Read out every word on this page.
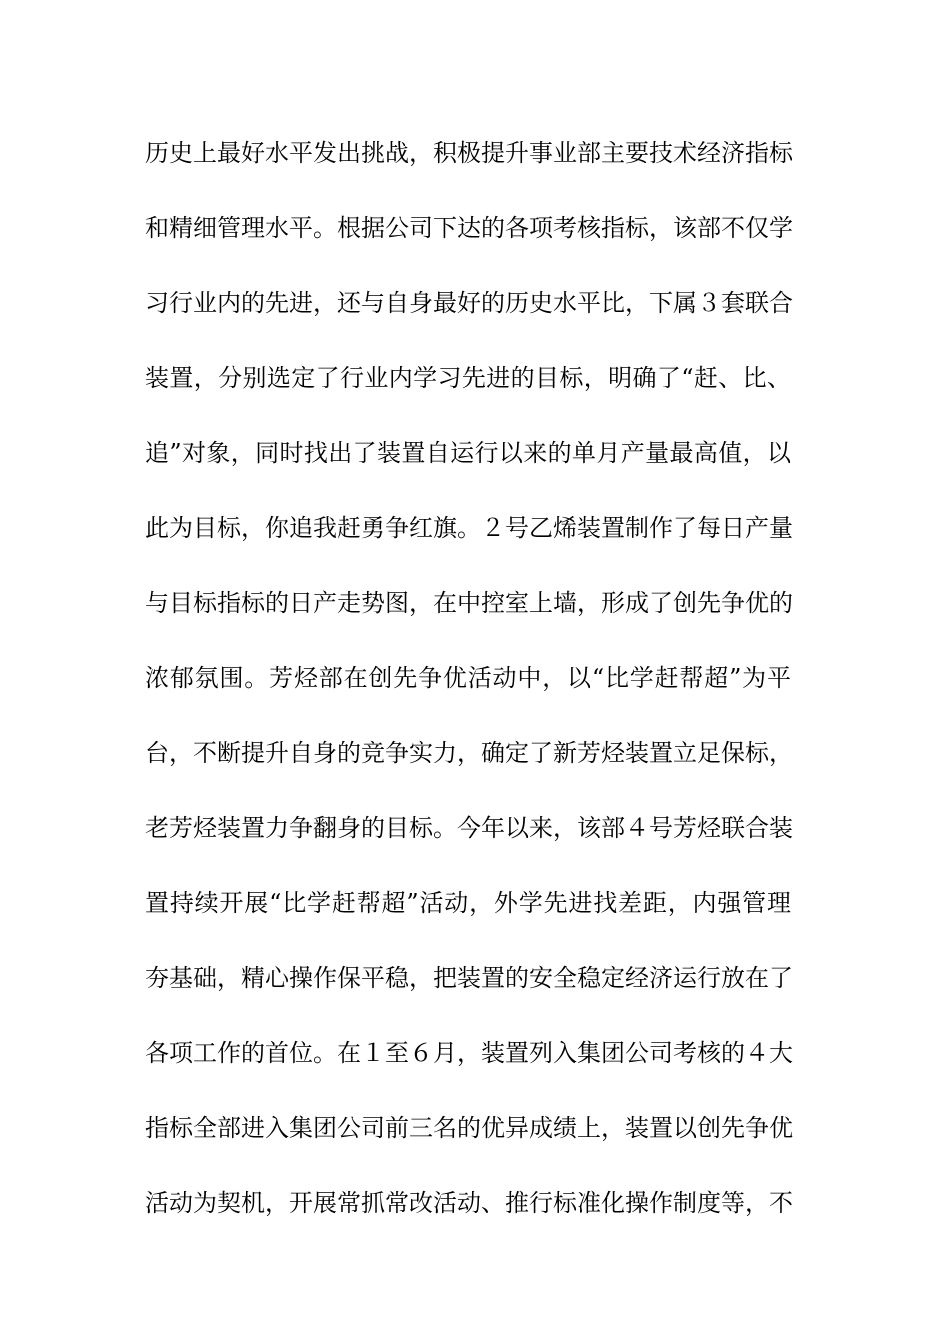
历史上最好水平发出挑战，积极提升事业部主要技术经济指标
和精细管理水平。根据公司下达的各项考核指标，该部不仅学
习行业内的先进，还与自身最好的历史水平比，下属３套联合
装置，分别选定了行业内学习先进的目标，明确了“赶、比、
追”对象，同时找出了装置自运行以来的单月产量最高值，以
此为目标，你追我赶勇争红旗。２号乙烯装置制作了每日产量
与目标指标的日产走势图，在中控室上墙，形成了创先争优的
浓郁氛围。芳烃部在创先争优活动中，以“比学赶帮超”为平
台，不断提升自身的竞争实力，确定了新芳烃装置立足保标，
老芳烃装置力争翻身的目标。今年以来，该部４号芳烃联合装
置持续开展“比学赶帮超”活动，外学先进找差距，内强管理
夯基础，精心操作保平稳，把装置的安全稳定经济运行放在了
各项工作的首位。在１至６月，装置列入集团公司考核的４大
指标全部进入集团公司前三名的优异成绩上，装置以创先争优
活动为契机，开展常抓常改活动、推行标准化操作制度等，不
